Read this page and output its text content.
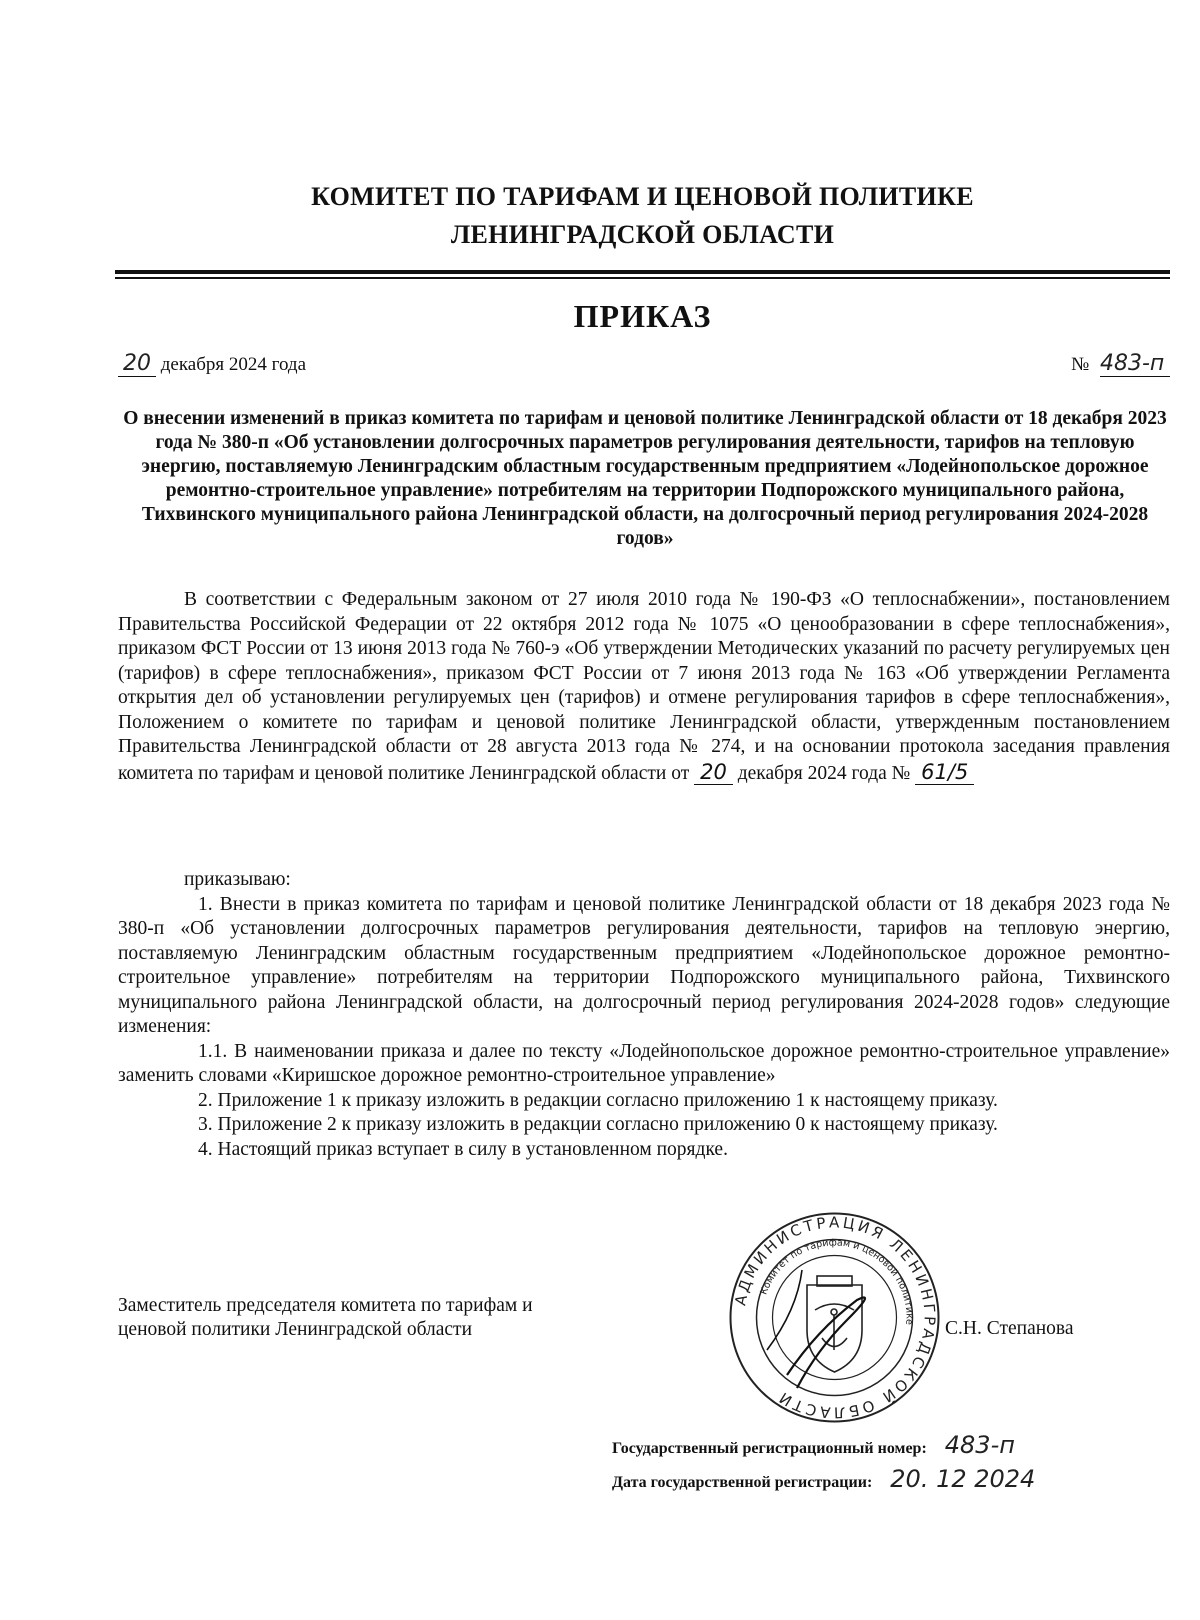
КОМИТЕТ ПО ТАРИФАМ И ЦЕНОВОЙ ПОЛИТИКЕ
ЛЕНИНГРАДСКОЙ ОБЛАСТИ
ПРИКАЗ
20 декабря 2024 года	№ 483-п
О внесении изменений в приказ комитета по тарифам и ценовой политике Ленинградской области от 18 декабря 2023 года № 380-п «Об установлении долгосрочных параметров регулирования деятельности, тарифов на тепловую энергию, поставляемую Ленинградским областным государственным предприятием «Лодейнопольское дорожное ремонтно-строительное управление» потребителям на территории Подпорожского муниципального района, Тихвинского муниципального района Ленинградской области, на долгосрочный период регулирования 2024-2028 годов»

В соответствии с Федеральным законом от 27 июля 2010 года № 190-ФЗ «О теплоснабжении», постановлением Правительства Российской Федерации от 22 октября 2012 года № 1075 «О ценообразовании в сфере теплоснабжения», приказом ФСТ России от 13 июня 2013 года № 760-э «Об утверждении Методических указаний по расчету регулируемых цен (тарифов) в сфере теплоснабжения», приказом ФСТ России от 7 июня 2013 года № 163 «Об утверждении Регламента открытия дел об установлении регулируемых цен (тарифов) и отмене регулирования тарифов в сфере теплоснабжения», Положением о комитете по тарифам и ценовой политике Ленинградской области, утвержденным постановлением Правительства Ленинградской области от 28 августа 2013 года № 274, и на основании протокола заседания правления комитета по тарифам и ценовой политике Ленинградской области от 20 декабря 2024 года № 61/5

приказываю:

1. Внести в приказ комитета по тарифам и ценовой политике Ленинградской области от 18 декабря 2023 года № 380-п «Об установлении долгосрочных параметров регулирования деятельности, тарифов на тепловую энергию, поставляемую Ленинградским областным государственным предприятием «Лодейнопольское дорожное ремонтно-строительное управление» потребителям на территории Подпорожского муниципального района, Тихвинского муниципального района Ленинградской области, на долгосрочный период регулирования 2024-2028 годов» следующие изменения:

1.1. В наименовании приказа и далее по тексту «Лодейнопольское дорожное ремонтно-строительное управление» заменить словами «Киришское дорожное ремонтно-строительное управление»

2. Приложение 1 к приказу изложить в редакции согласно приложению 1 к настоящему приказу.

3. Приложение 2 к приказу изложить в редакции согласно приложению 0 к настоящему приказу.

4. Настоящий приказ вступает в силу в установленном порядке.

Заместитель председателя комитета по тарифам и
ценовой политики Ленинградской области	С.Н. Степанова
АДМИНИСТРАЦИЯ ЛЕНИНГРАДСКОЙ ОБЛАСТИ
Комитет по тарифам и ценовой политике
Государственный регистрационный номер: 483-п
Дата государственной регистрации: 20. 12 2024
